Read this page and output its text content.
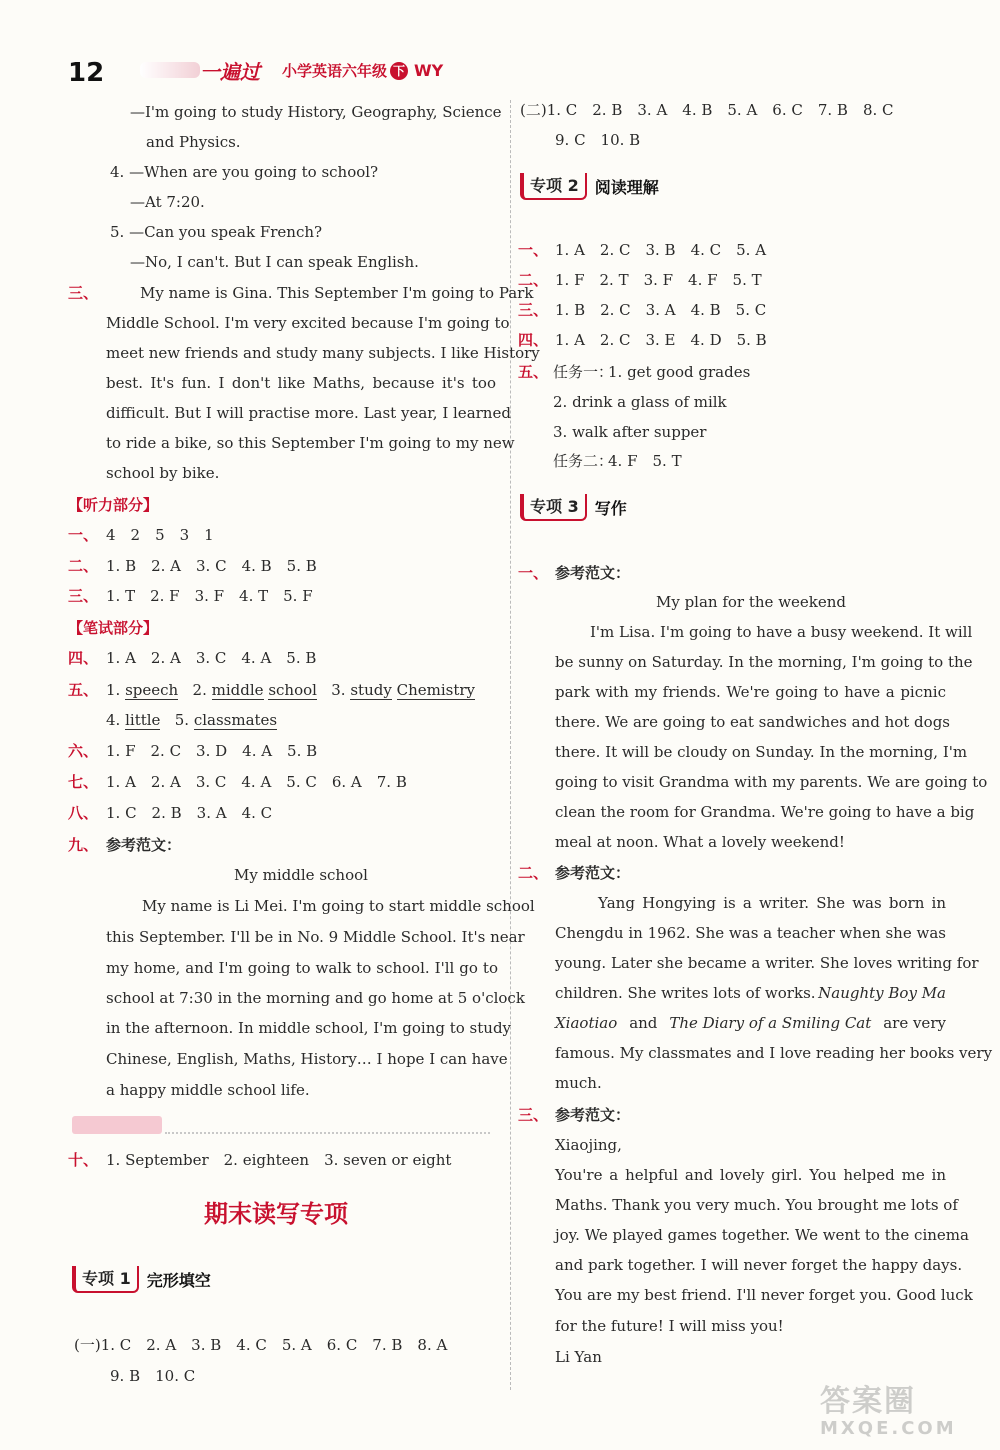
12	一遍过 小学英语六年级 下 WY
—I'm going to study History, Geography, Science
and Physics.
4. —When are you going to school?
—At 7:20.
5. —Can you speak French?
—No, I can't. But I can speak English.
三、	My name is Gina. This September I'm going to Park
Middle School. I'm very excited because I'm going to
meet new friends and study many subjects. I like History
best. It's fun. I don't like Maths, because it's too
difficult. But I will practise more. Last year, I learned
to ride a bike, so this September I'm going to my new
school by bike.
【听力部分】
一、 4　2　5　3　1
二、 1. B　2. A　3. C　4. B　5. B
三、 1. T　2. F　3. F　4. T　5. F
【笔试部分】
四、 1. A　2. A　3. C　4. A　5. B
五、 1. speech 2. middle school 3. study Chemistry
4. little 5. classmates
六、 1. F　2. C　3. D　4. A　5. B
七、 1. A　2. A　3. C　4. A　5. C　6. A　7. B
八、 1. C　2. B　3. A　4. C
九、 参考范文：
My middle school
My name is Li Mei. I'm going to start middle school
this September. I'll be in No. 9 Middle School. It's near
my home, and I'm going to walk to school. I'll go to
school at 7:30 in the morning and go home at 5 o'clock
in the afternoon. In middle school, I'm going to study
Chinese, English, Maths, History… I hope I can have
a happy middle school life.
十、 1. September　2. eighteen　3. seven or eight
期末读写专项
专项 1	完形填空
(一)1. C　2. A　3. B　4. C　5. A　6. C　7. B　8. A
9. B　10. C
(二)1. C　2. B　3. A　4. B　5. A　6. C　7. B　8. C
9. C　10. B
专项 2	阅读理解
一、 1. A　2. C　3. B　4. C　5. A
二、 1. F　2. T　3. F　4. F　5. T
三、 1. B　2. C　3. A　4. B　5. C
四、 1. A　2. C　3. E　4. D　5. B
五、 任务一：
1. get good grades
2. drink a glass of milk
3. walk after supper
任务二：
4. F　5. T
专项 3	写作
一、 参考范文：
My plan for the weekend
I'm Lisa. I'm going to have a busy weekend. It will
be sunny on Saturday. In the morning, I'm going to the
park with my friends. We're going to have a picnic
there. We are going to eat sandwiches and hot dogs
there. It will be cloudy on Sunday. In the morning, I'm
going to visit Grandma with my parents. We are going to
clean the room for Grandma. We're going to have a big
meal at noon. What a lovely weekend!
二、 参考范文：
Yang Hongying is a writer. She was born in
Chengdu in 1962. She was a teacher when she was
young. Later she became a writer. She loves writing for
children. She writes lots of works. Naughty Boy Ma
Xiaotiao and The Diary of a Smiling Cat are very
famous. My classmates and I love reading her books very
much.
三、 参考范文：
Xiaojing,
You're a helpful and lovely girl. You helped me in
Maths. Thank you very much. You brought me lots of
joy. We played games together. We went to the cinema
and park together. I will never forget the happy days.
You are my best friend. I'll never forget you. Good luck
for the future! I will miss you!
Li Yan
答案圈
MXQE.COM
